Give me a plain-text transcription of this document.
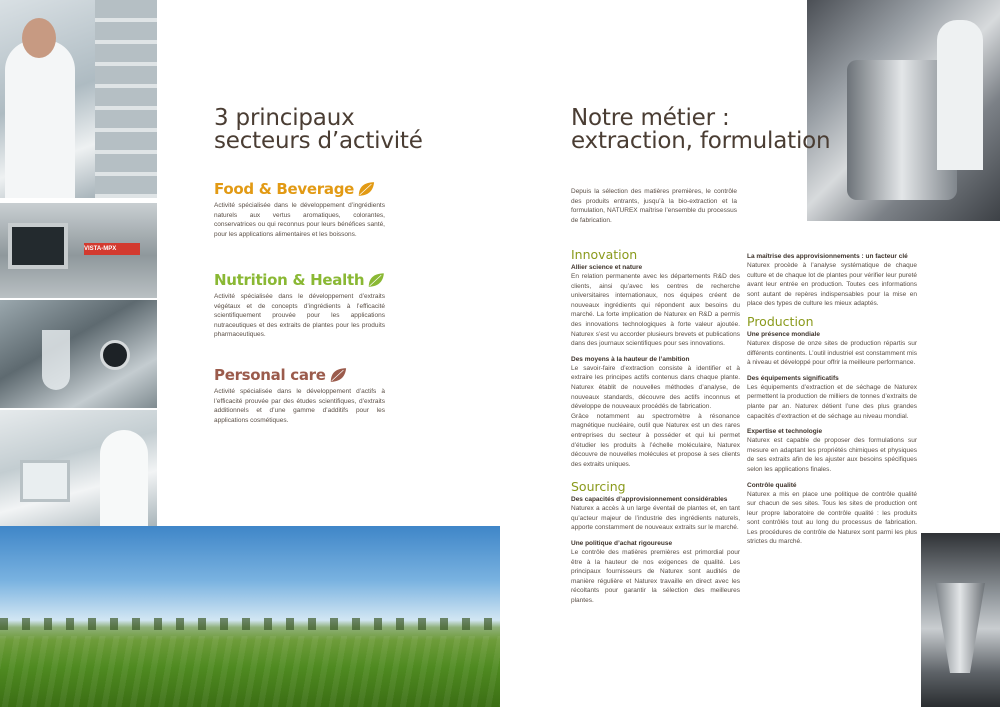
VISTA-MPX
3 principaux
secteurs d’activité
Food & Beverage
Activité spécialisée dans le développement d’ingrédients naturels aux vertus aromatiques, colorantes, conservatrices ou qui reconnus pour leurs bénéfices santé, pour les applications alimentaires et les boissons.
Nutrition & Health
Activité spécialisée dans le développement d’extraits végétaux et de concepts d’ingrédients à l’efficacité scientifiquement prouvée pour les applications nutraceutiques et des extraits de plantes pour les produits pharmaceutiques.
Personal care
Activité spécialisée dans le développement d’actifs à l’efficacité prouvée par des études scientifiques, d’extraits additionnels et d’une gamme d’additifs pour les applications cosmétiques.
Notre métier :
extraction, formulation
Depuis la sélection des matières premières, le contrôle des produits entrants, jusqu’à la bio-extraction et la formulation, NATUREX maîtrise l’ensemble du processus de fabrication.
Innovation
Allier science et nature
En relation permanente avec les départements R&D des clients, ainsi qu’avec les centres de recherche universitaires internationaux, nos équipes créent de nouveaux ingrédients qui répondent aux besoins du marché. La forte implication de Naturex en R&D a permis des innovations technologiques à forte valeur ajoutée. Naturex s’est vu accorder plusieurs brevets et publications dans des journaux scientifiques pour ses innovations.
Des moyens à la hauteur de l’ambition
Le savoir-faire d’extraction consiste à identifier et à extraire les principes actifs contenus dans chaque plante. Naturex établit de nouvelles méthodes d’analyse, de nouveaux standards, découvre des actifs inconnus et développe de nouveaux procédés de fabrication.
Grâce notamment au spectromètre à résonance magnétique nucléaire, outil que Naturex est un des rares entreprises du secteur à posséder et qui lui permet d’étudier les produits à l’échelle moléculaire, Naturex découvre de nouvelles molécules et propose à ses clients des extraits uniques.
Sourcing
Des capacités d’approvisionnement considérables
Naturex a accès à un large éventail de plantes et, en tant qu’acteur majeur de l’industrie des ingrédients naturels, apporte constamment de nouveaux extraits sur le marché.
Une politique d’achat rigoureuse
Le contrôle des matières premières est primordial pour être à la hauteur de nos exigences de qualité. Les principaux fournisseurs de Naturex sont audités de manière régulière et Naturex travaille en direct avec les récoltants pour garantir la sélection des meilleures plantes.
La maîtrise des approvisionnements : un facteur clé
Naturex procède à l’analyse systématique de chaque culture et de chaque lot de plantes pour vérifier leur pureté avant leur entrée en production. Toutes ces informations sont autant de repères indispensables pour la mise en place des types de culture les mieux adaptés.
Production
Une présence mondiale
Naturex dispose de onze sites de production répartis sur différents continents. L’outil industriel est constamment mis à niveau et développé pour offrir la meilleure performance.
Des équipements significatifs
Les équipements d’extraction et de séchage de Naturex permettent la production de milliers de tonnes d’extraits de plante par an. Naturex détient l’une des plus grandes capacités d’extraction et de séchage au niveau mondial.
Expertise et technologie
Naturex est capable de proposer des formulations sur mesure en adaptant les propriétés chimiques et physiques de ses extraits afin de les ajuster aux besoins spécifiques selon les applications finales.
Contrôle qualité
Naturex a mis en place une politique de contrôle qualité sur chacun de ses sites. Tous les sites de production ont leur propre laboratoire de contrôle qualité : les produits sont contrôlés tout au long du processus de fabrication. Les procédures de contrôle de Naturex sont parmi les plus strictes du marché.
